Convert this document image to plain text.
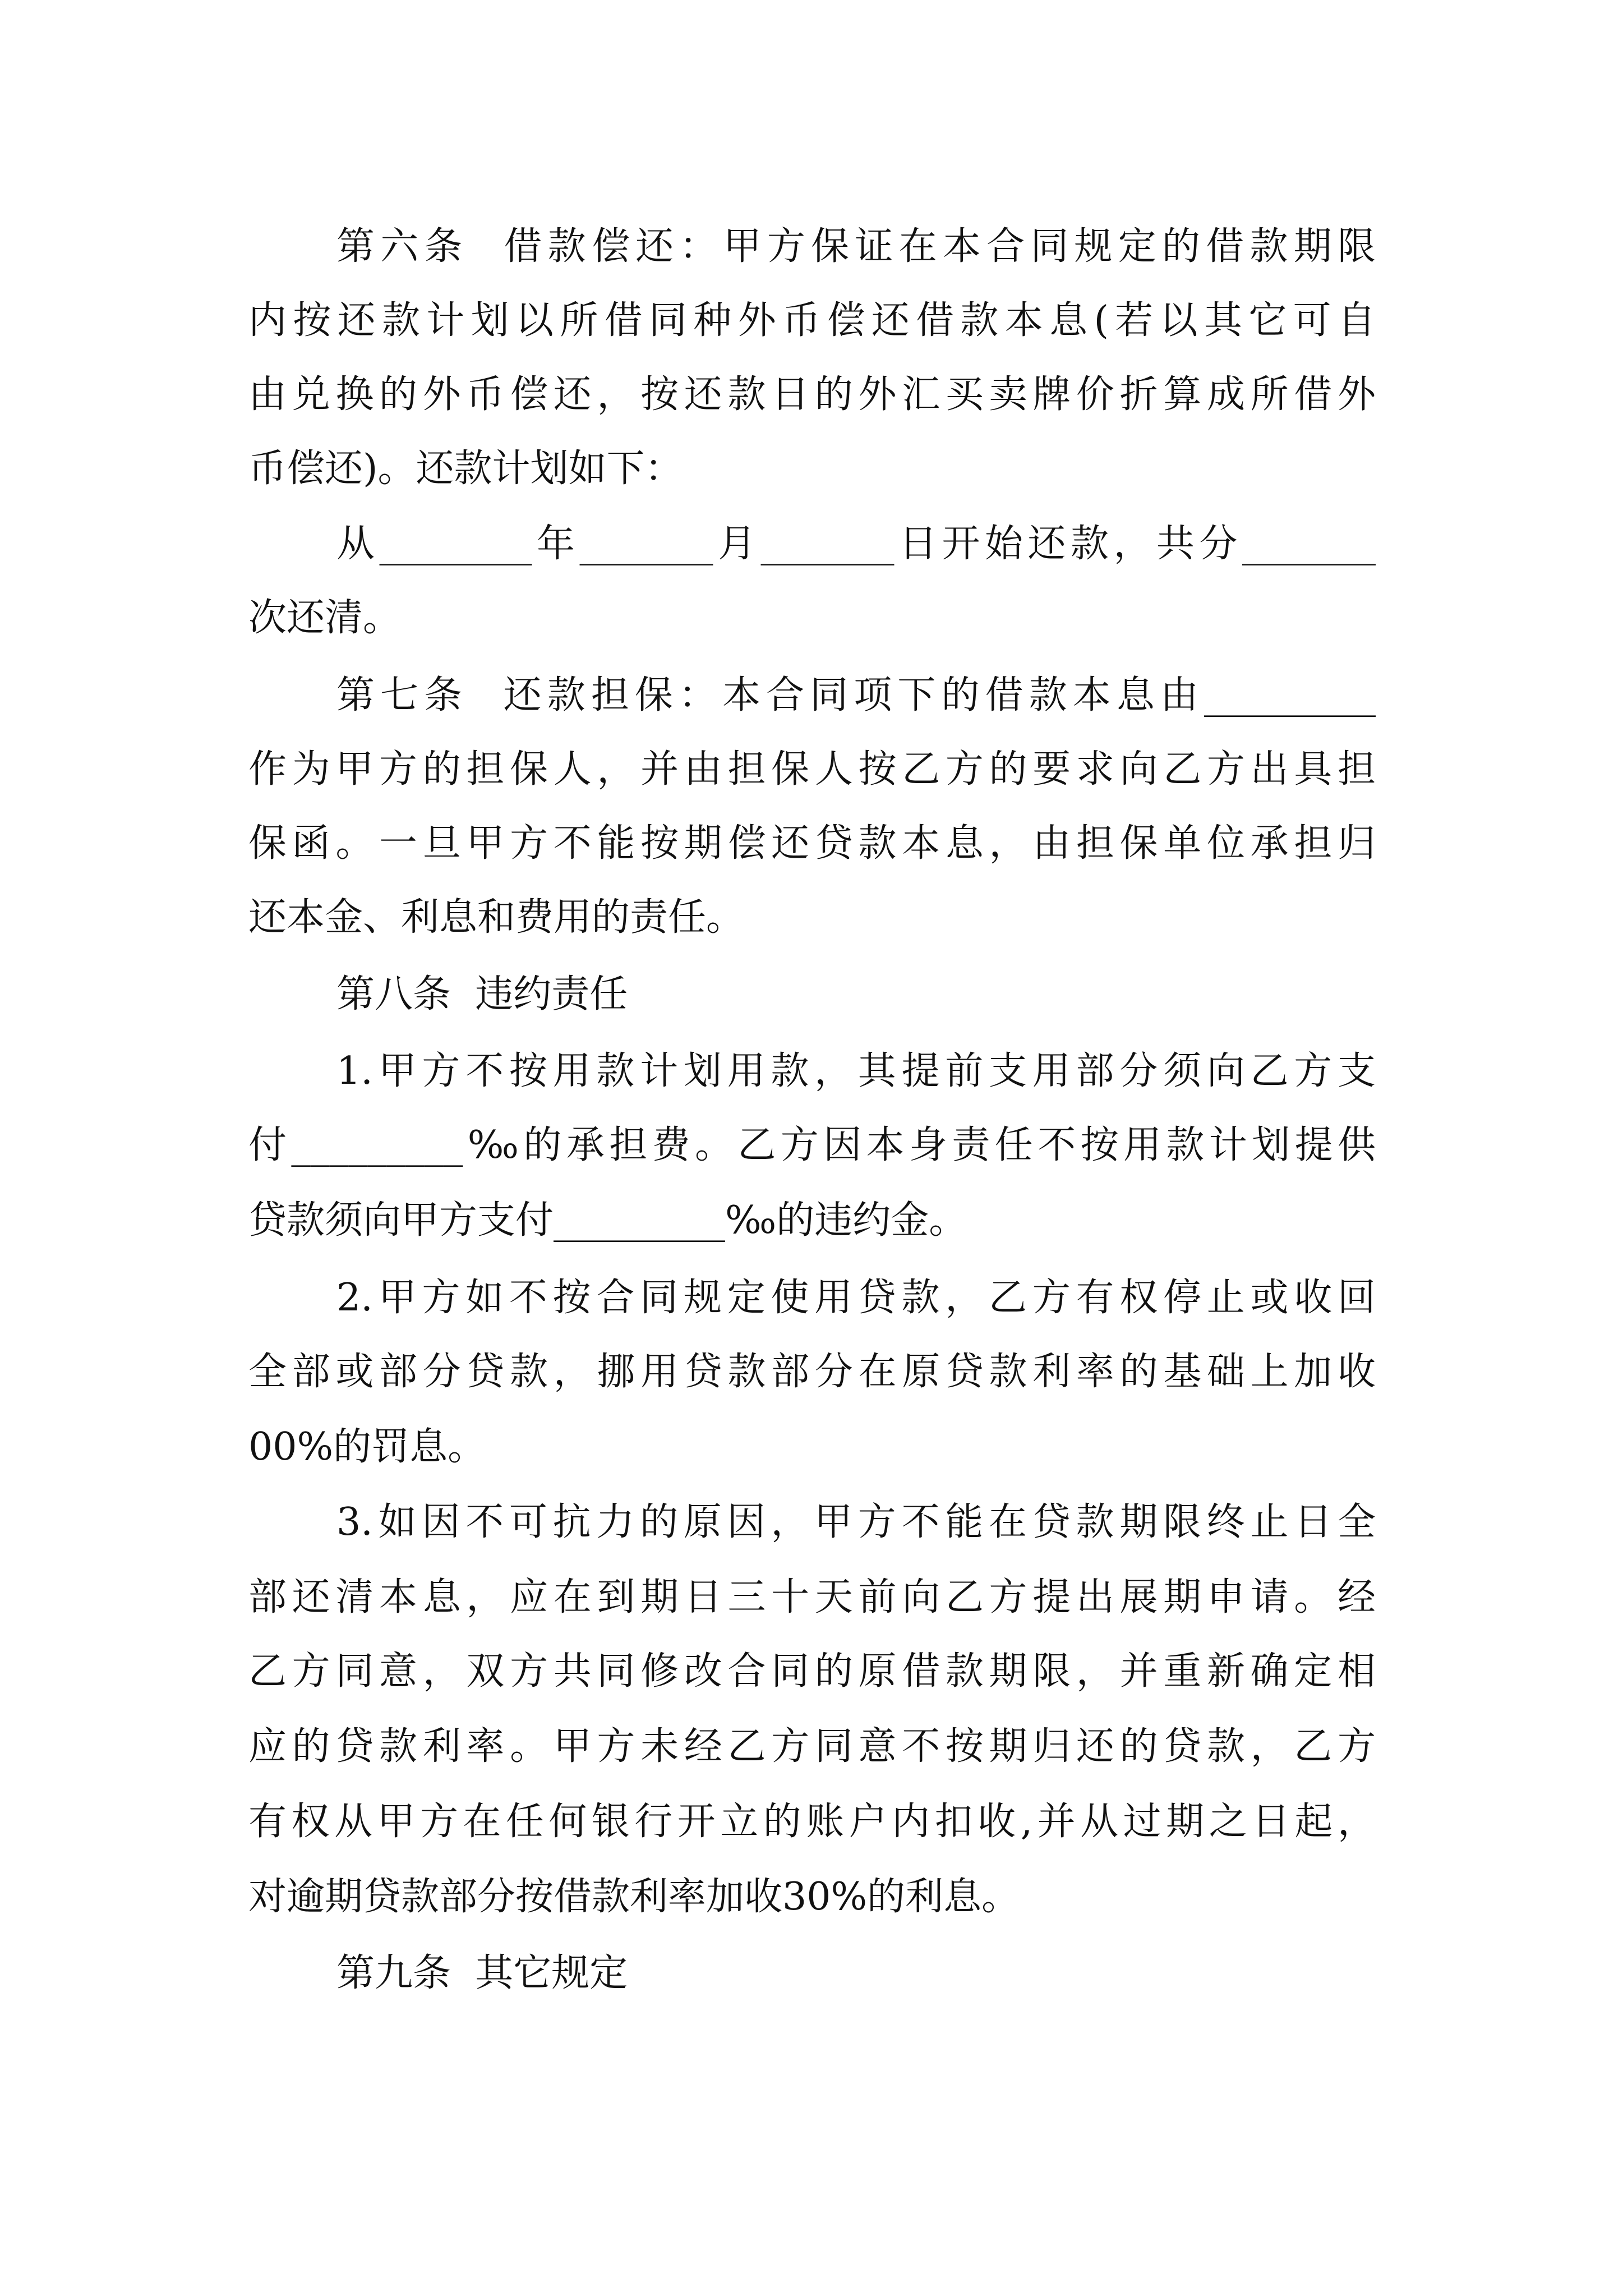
第六条  借款偿还：甲方保证在本合同规定的借款期限
内按还款计划以所借同种外币偿还借款本息(若以其它可自
由兑换的外币偿还，按还款日的外汇买卖牌价折算成所借外
币偿还)。还款计划如下：
从________年_______月_______日开始还款，共分_______
次还清。
第七条  还款担保：本合同项下的借款本息由_________
作为甲方的担保人，并由担保人按乙方的要求向乙方出具担
保函。一旦甲方不能按期偿还贷款本息，由担保单位承担归
还本金、利息和费用的责任。
第八条  违约责任
1.甲方不按用款计划用款，其提前支用部分须向乙方支
付_________‰的承担费。乙方因本身责任不按用款计划提供
贷款须向甲方支付_________‰的违约金。
2.甲方如不按合同规定使用贷款，乙方有权停止或收回
全部或部分贷款，挪用贷款部分在原贷款利率的基础上加收
00%的罚息。
3.如因不可抗力的原因，甲方不能在贷款期限终止日全
部还清本息，应在到期日三十天前向乙方提出展期申请。经
乙方同意，双方共同修改合同的原借款期限，并重新确定相
应的贷款利率。甲方未经乙方同意不按期归还的贷款，乙方
有权从甲方在任何银行开立的账户内扣收,并从过期之日起，
对逾期贷款部分按借款利率加收30%的利息。
第九条  其它规定
